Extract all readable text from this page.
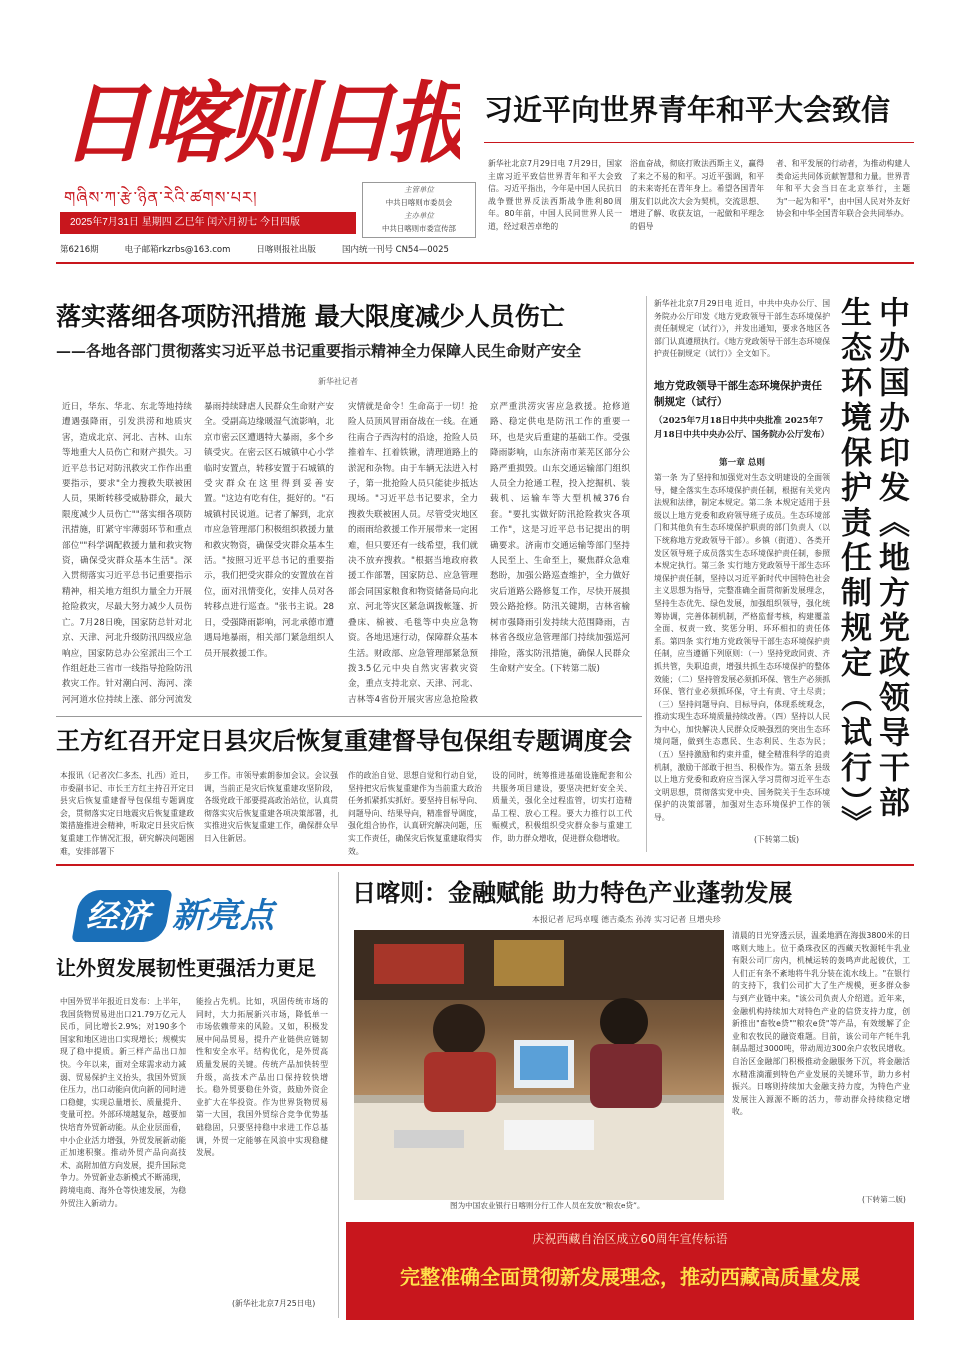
日喀则日报
གཞིས་ཀ་རྩེ་ཉིན་རེའི་ཚགས་པར།
2025年7月31日 星期四 乙巳年 闰六月初七 今日四版
主管单位
中共日喀则市委员会
主办单位
中共日喀则市委宣传部
第6216期	电子邮箱rkzrbs@163.com	日喀则报社出版	国内统一刊号 CN54—0025
习近平向世界青年和平大会致信
新华社北京7月29日电 7月29日，国家主席习近平致信世界青年和平大会致信。习近平指出，今年是中国人民抗日战争暨世界反法西斯战争胜利80周年。80年前，中国人民同世界人民一道，经过艰苦卓绝的
浴血奋战，彻底打败法西斯主义，赢得了来之不易的和平。习近平强调，和平的未来寄托在青年身上。希望各国青年朋友们以此次大会为契机，交流思想、增进了解、收获友谊，一起做和平理念的倡导
者、和平发展的行动者，为推动构建人类命运共同体贡献智慧和力量。世界青年和平大会当日在北京举行，主题为"一起为和平"，由中国人民对外友好协会和中华全国青年联合会共同举办。
落实落细各项防汛措施 最大限度减少人员伤亡
——各地各部门贯彻落实习近平总书记重要指示精神全力保障人民生命财产安全
新华社记者
近日，华东、华北、东北等地持续遭遇强降雨，引发洪涝和地质灾害，造成北京、河北、吉林、山东等地重大人员伤亡和财产损失。习近平总书记对防汛救灾工作作出重要指示，要求"全力搜救失联被困人员，果断转移受威胁群众，最大限度减少人员伤亡""落实细各项防汛措施，盯紧守牢薄弱环节和重点部位""科学调配救援力量和救灾物资，确保受灾群众基本生活"。深入贯彻落实习近平总书记重要指示精神，相关地方组织力量全力开展抢险救灾，尽最大努力减少人员伤亡。7月28日晚，国家防总针对北京、天津、河北升级防汛四级应急响应，国家防总办公室派出三个工作组赶赴三省市一线指导抢险防汛救灾工作。针对潮白河、海河、滦河河道水位持续上涨、部分河流发
暴雨持续肆虐人民群众生命财产安全。受副高边缘暖湿气流影响，北京市密云区遭遇特大暴雨，多个乡镇受灾。在密云区石城镇中心小学临时安置点，转移安置于石城镇的受灾群众在这里得到妥善安置。"这边有吃有住，挺好的。"石城镇村民说道。记者了解到，北京市应急管理部门积极组织救援力量和救灾物资，确保受灾群众基本生活。"按照习近平总书记的重要指示，我们把受灾群众的安置放在首位，面对汛情变化，安排人员对各转移点进行巡查。"张书主说。28日，受强降雨影响，河北承德市遭遇局地暴雨，相关部门紧急组织人员开展救援工作。
灾情就是命令！生命高于一切！抢险人员顶风冒雨奋战在一线。在通往南合子西沟村的沿途，抢险人员推着车、扛着铁锹，清理道路上的淤泥和杂物。由于车辆无法进入村子，第一批抢险人员只能徒步抵达现场。"习近平总书记要求，全力搜救失联被困人员。尽管受灾地区的雨雨给救援工作开展带来一定困难，但只要还有一线希望，我们就决不放弃搜救。"根据当地政府救援工作部署，国家防总、应急管理部会同国家粮食和物资储备局向北京、河北等灾区紧急调拨帐篷、折叠床、棉被、毛毯等中央应急物资。各地迅速行动，保障群众基本生活。财政部、应急管理部紧急预拨3.5亿元中央自然灾害救灾资金，重点支持北京、天津、河北、吉林等4省份开展灾害应急抢险救
京严重洪涝灾害应急救援。抢修道路、稳定供电是防汛工作的重要一环，也是灾后重建的基础工作。受强降雨影响，山东济南市莱芜区部分公路严重损毁。山东交通运输部门组织人员全力抢通工程，投入挖掘机、装载机、运输车等大型机械376台套。"要扎实做好防汛抢险救灾各项工作"，这是习近平总书记提出的明确要求。济南市交通运输等部门坚持人民至上、生命至上，聚焦群众急难愁盼，加强公路巡查维护，全力做好灾后道路公路修复工作，尽快开展损毁公路抢修。防汛关键期，吉林省榆树市强降雨引发持续大范围降雨，吉林省各级应急管理部门持续加强巡河排险，落实防汛措施，确保人民群众生命财产安全。(下转第二版)
新华社北京7月29日电 近日，中共中央办公厅、国务院办公厅印发《地方党政领导干部生态环境保护责任制规定（试行）》，并发出通知，要求各地区各部门认真遵照执行。《地方党政领导干部生态环境保护责任制规定（试行）》全文如下。	中办国办印发《地方党政领导干部生态环境保护责任制规定（试行）》
地方党政领导干部生态环境保护责任制规定（试行）
（2025年7月18日中共中央批准 2025年7月18日中共中央办公厅、国务院办公厅发布）
第一章 总则
第一条 为了坚持和加强党对生态文明建设的全面领导，健全落实生态环境保护责任制，根据有关党内法规和法律，制定本规定。第二条 本规定适用于县级以上地方党委和政府领导班子成员。生态环境部门和其他负有生态环境保护职责的部门负责人（以下统称地方党政领导干部）。乡镇（街道）、各类开发区领导班子成员落实生态环境保护责任制，参照本规定执行。第三条 实行地方党政领导干部生态环境保护责任制，坚持以习近平新时代中国特色社会主义思想为指导，完整准确全面贯彻新发展理念，坚持生态优先、绿色发展，加强组织领导，强化统筹协调，完善体制机制，严格监督考核，构建覆盖全面、权责一致、奖惩分明、环环相扣的责任体系。第四条 实行地方党政领导干部生态环境保护责任制，应当遵循下列原则：（一）坚持党政同责、齐抓共管，失职追责，增强共抓生态环境保护的整体效能；（二）坚持管发展必须抓环保、管生产必须抓环保、管行业必须抓环保，守土有责、守土尽责；（三）坚持问题导向、目标导向，体现系统观念，推动实现生态环境质量持续改善。（四）坚持以人民为中心，加快解决人民群众反映强烈的突出生态环境问题，做到生态惠民、生态利民、生态为民；（五）坚持激励和约束并重，健全精准科学的追责机制，激励干部敢于担当、积极作为。第五条 县级以上地方党委和政府应当深入学习贯彻习近平生态文明思想，贯彻落实党中央、国务院关于生态环境保护的决策部署，加强对生态环境保护工作的领导。
(下转第二版)
王方红召开定日县灾后恢复重建督导包保组专题调度会
本报讯（记者次仁多杰、扎西）近日，市委副书记、市长王方红主持召开定日县灾后恢复重建督导包保组专题调度会，贯彻落实定日地震灾后恢复重建政策措施推进会精神，听取定日县灾后恢复重建工作情况汇报，研究解决问题困难，安排部署下
步工作。市领导索朗参加会议。会议强调，当前正是灾后恢复重建攻坚阶段，各级党政干部要提高政治站位，认真贯彻落实灾后恢复重建各项决策部署，扎实推进灾后恢复重建工作，确保群众早日入住新居。
作的政治自觉、思想自觉和行动自觉，坚持把灾后恢复重建作为当前重大政治任务抓紧抓实抓好。要坚持目标导向、问题导向、结果导向，精准督导调度，强化组合协作，认真研究解决问题，压实工作责任，确保灾后恢复重建取得实效。
设的同时，统筹推进基础设施配套和公共服务项目建设，要坚决把好安全关、质量关，强化全过程监管，切实打造精品工程、放心工程。要大力推行以工代赈模式，积极组织受灾群众参与重建工作，助力群众增收，促进群众稳增收。
经济 新亮点
让外贸发展韧性更强活力更足
中国外贸半年报近日发布：上半年，我国货物贸易进出口21.79万亿元人民币，同比增长2.9%；对190多个国家和地区进出口实现增长；规模实现了稳中提质。新三样产品出口加快。今年以来，面对全球需求动力减弱、贸易保护主义抬头，我国外贸顶住压力，出口动能向优向新的同时进口稳健，实现总量增长、质量提升、变量可控。外部环境越复杂，越要加快培育外贸新动能。从企业层面看，中小企业活力增强，外贸发展新动能正加速积聚。推动外贸产品向高技术、高附加值方向发展，提升国际竞争力。外贸新业态新模式不断涌现，跨境电商、海外仓等快速发展，为稳外贸注入新动力。
能捡占先机。比如，巩固传统市场的同时，大力拓展新兴市场，降低单一市场依赖带来的风险。又如，积极发展中间品贸易，提升产业链供应链韧性和安全水平。结构优化，是外贸高质量发展的关键。传统产品加快转型升级，高技术产品出口保持较快增长。稳外贸要稳住外资，鼓励外资企业扩大在华投资。作为世界货物贸易第一大国，我国外贸综合竞争优势基础稳固，只要坚持稳中求进工作总基调，外贸一定能够在风浪中实现稳健发展。
(新华社北京7月25日电)
日喀则：金融赋能 助力特色产业蓬勃发展
本报记者 尼玛卓嘎 德吉桑杰 孙涛 实习记者 旦增央珍
图为中国农业银行日喀则分行工作人员在发放“粮农e贷”。
清晨的日光穿透云层，温柔地洒在海拔3800米的日喀则大地上。位于桑珠孜区的西藏天牧源牦牛乳业有限公司厂房内，机械运转的轰鸣声此起彼伏，工人们正有条不紊地将牛乳分装在流水线上。"在银行的支持下，我们公司扩大了生产规模，更多群众参与到产业链中来。"该公司负责人介绍道。近年来，金融机构持续加大对特色产业的信贷支持力度，创新推出"畜牧e贷""粮农e贷"等产品，有效缓解了企业和农牧民的融资难题。目前，该公司年产牦牛乳制品超过3000吨，带动周边300余户农牧民增收。自治区金融部门积极推动金融服务下沉，将金融活水精准滴灌到特色产业发展的关键环节，助力乡村振兴。日喀则持续加大金融支持力度，为特色产业发展注入源源不断的活力，带动群众持续稳定增收。
(下转第二版)
庆祝西藏自治区成立60周年宣传标语
完整准确全面贯彻新发展理念，推动西藏高质量发展
